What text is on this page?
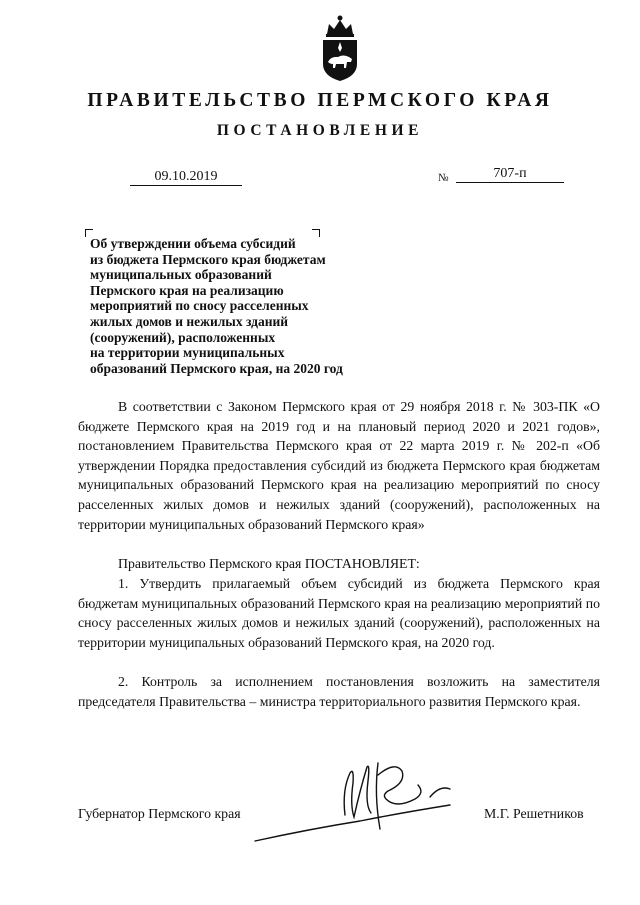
ПРАВИТЕЛЬСТВО ПЕРМСКОГО КРАЯ
ПОСТАНОВЛЕНИЕ
09.10.2019	№	707-п
Об утверждении объема субсидий
из бюджета Пермского края бюджетам
муниципальных образований
Пермского края на реализацию
мероприятий по сносу расселенных
жилых домов и нежилых зданий
(сооружений), расположенных
на территории муниципальных
образований Пермского края, на 2020 год
В соответствии с Законом Пермского края от 29 ноября 2018 г. № 303-ПК «О бюджете Пермского края на 2019 год и на плановый период 2020 и 2021 годов», постановлением Правительства Пермского края от 22 марта 2019 г. № 202-п «Об утверждении Порядка предоставления субсидий из бюджета Пермского края бюджетам муниципальных образований Пермского края на реализацию мероприятий по сносу расселенных жилых домов и нежилых зданий (сооружений), расположенных на территории муниципальных образований Пермского края»
Правительство Пермского края ПОСТАНОВЛЯЕТ:
1. Утвердить прилагаемый объем субсидий из бюджета Пермского края бюджетам муниципальных образований Пермского края на реализацию мероприятий по сносу расселенных жилых домов и нежилых зданий (сооружений), расположенных на территории муниципальных образований Пермского края, на 2020 год.
2. Контроль за исполнением постановления возложить на заместителя председателя Правительства – министра территориального развития Пермского края.
Губернатор Пермского края	М.Г. Решетников
